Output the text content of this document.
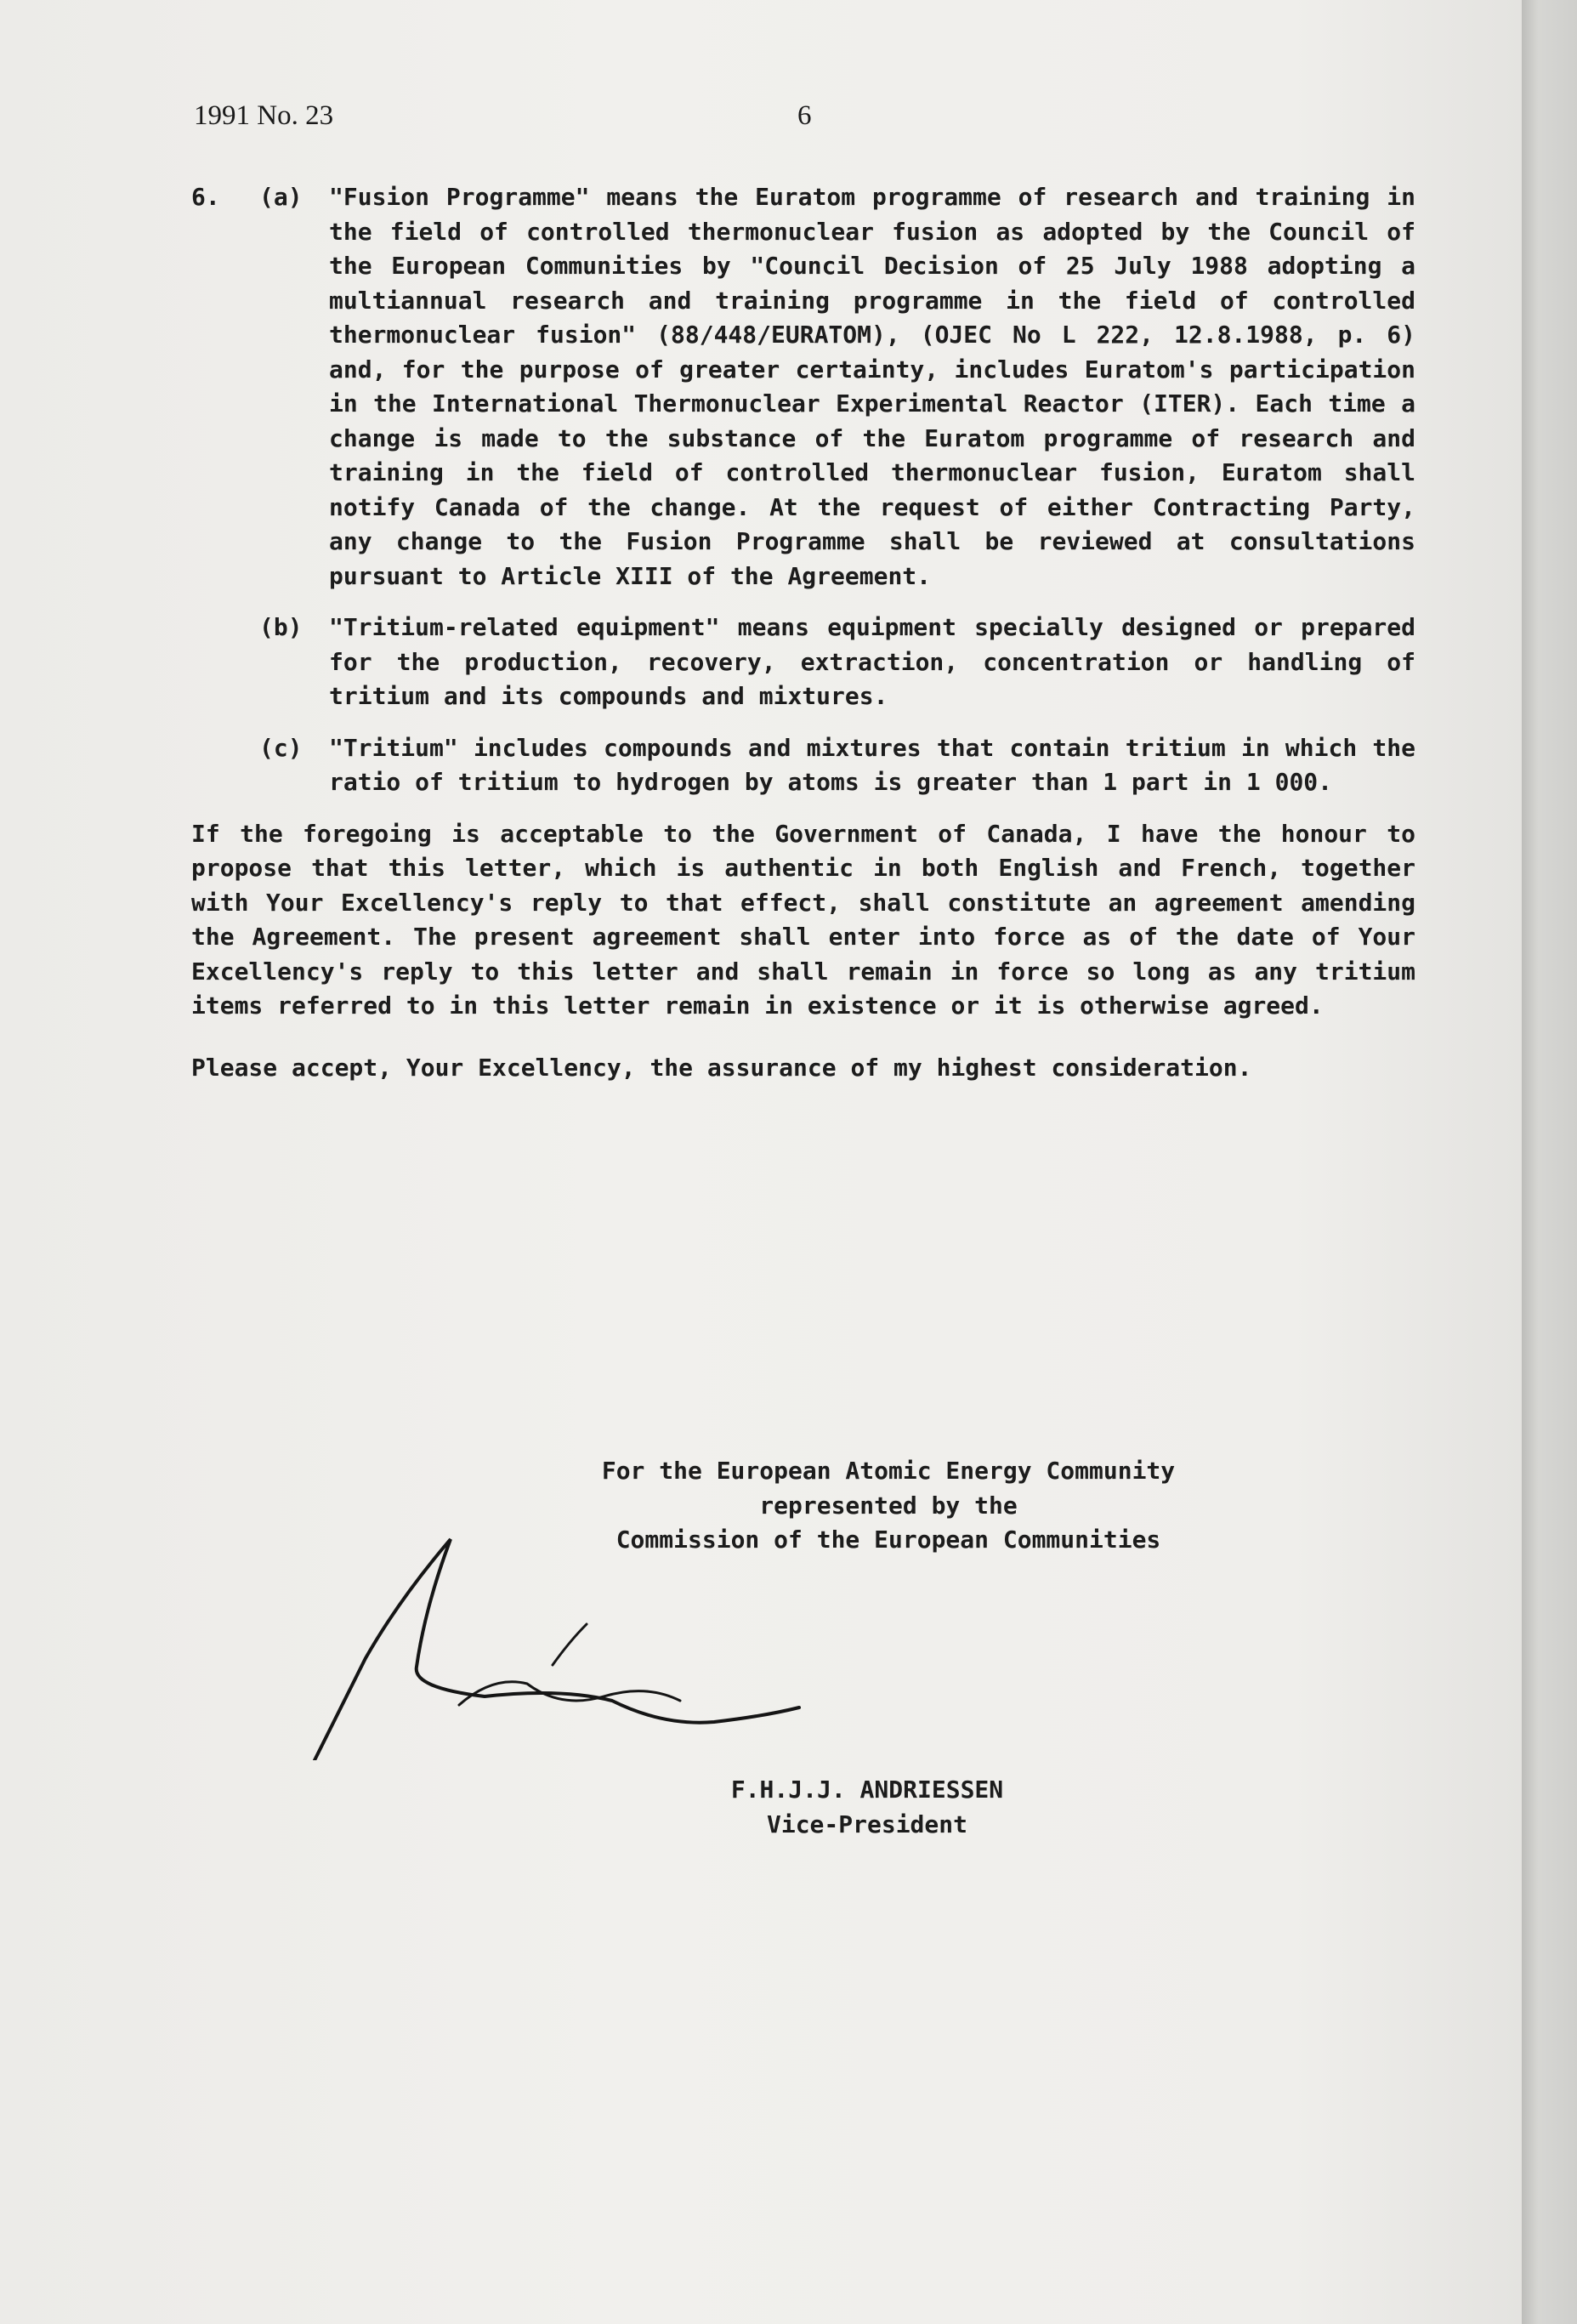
1991 No. 23	6
6. (a) "Fusion Programme" means the Euratom programme of research and training in the field of controlled thermonuclear fusion as adopted by the Council of the European Communities by "Council Decision of 25 July 1988 adopting a multiannual research and training programme in the field of controlled thermonuclear fusion" (88/448/EURATOM), (OJEC No L 222, 12.8.1988, p. 6) and, for the purpose of greater certainty, includes Euratom's participation in the International Thermonuclear Experimental Reactor (ITER). Each time a change is made to the substance of the Euratom programme of research and training in the field of controlled thermonuclear fusion, Euratom shall notify Canada of the change. At the request of either Contracting Party, any change to the Fusion Programme shall be reviewed at consultations pursuant to Article XIII of the Agreement.
(b) "Tritium-related equipment" means equipment specially designed or prepared for the production, recovery, extraction, concentration or handling of tritium and its compounds and mixtures.
(c) "Tritium" includes compounds and mixtures that contain tritium in which the ratio of tritium to hydrogen by atoms is greater than 1 part in 1 000.

If the foregoing is acceptable to the Government of Canada, I have the honour to propose that this letter, which is authentic in both English and French, together with Your Excellency's reply to that effect, shall constitute an agreement amending the Agreement. The present agreement shall enter into force as of the date of Your Excellency's reply to this letter and shall remain in force so long as any tritium items referred to in this letter remain in existence or it is otherwise agreed.

Please accept, Your Excellency, the assurance of my highest consideration.

For the European Atomic Energy Community
represented by the
Commission of the European Communities
F.H.J.J. ANDRIESSEN
Vice-President
